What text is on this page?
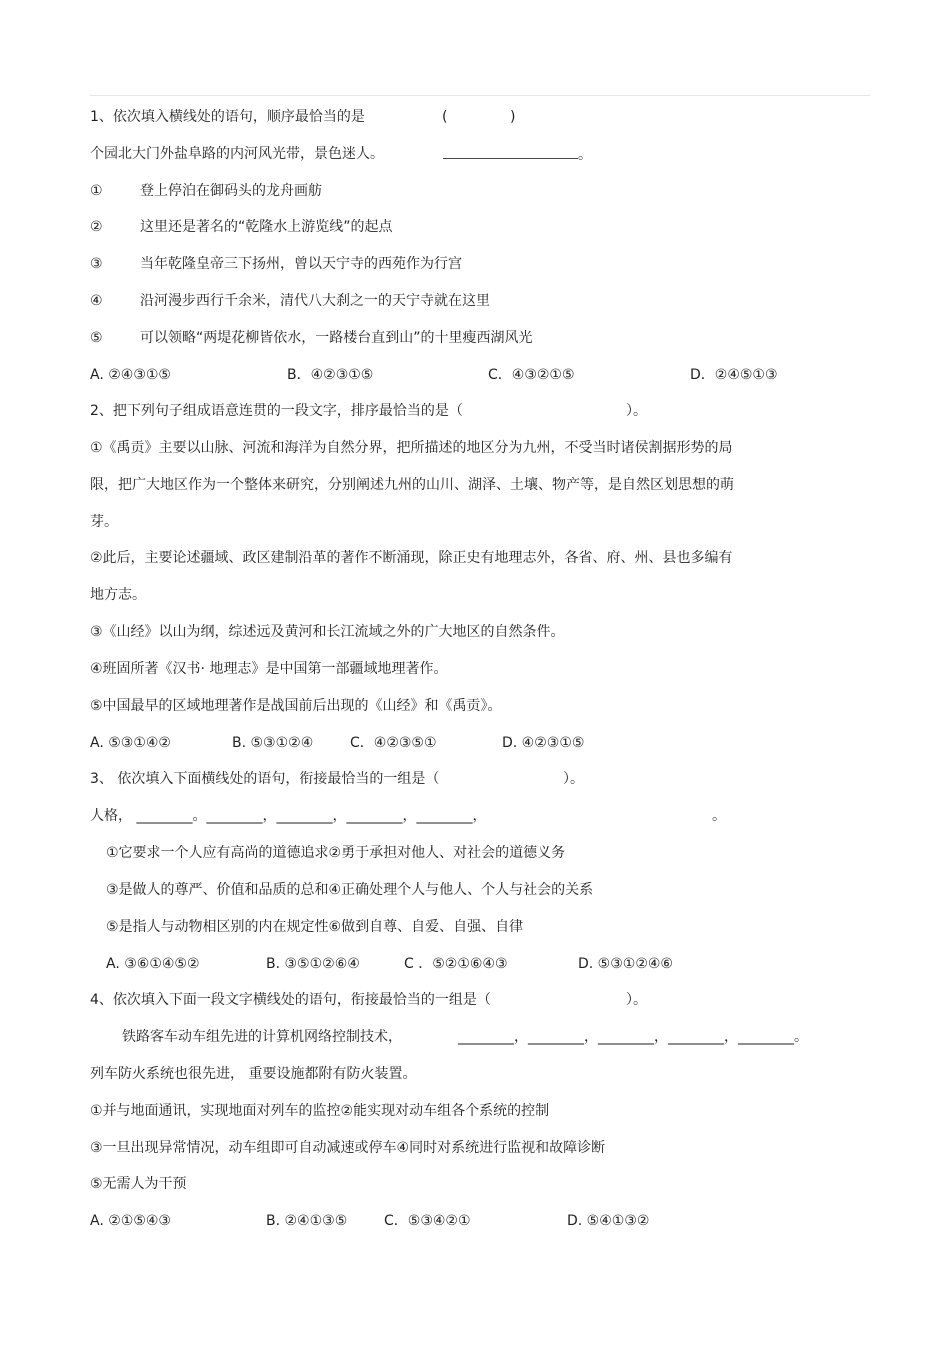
1、依次填入横线处的语句，顺序最恰当的是	(	)
个园北大门外盐阜路的内河风光带，景色迷人。	。
①	登上停泊在御码头的龙舟画舫
②	这里还是著名的“乾隆水上游览线”的起点
③	当年乾隆皇帝三下扬州，曾以天宁寺的西苑作为行宫
④	沿河漫步西行千余米，清代八大刹之一的天宁寺就在这里
⑤	可以领略“两堤花柳皆依水，一路楼台直到山”的十里瘦西湖风光
A. ②④③①⑤	B．④②③①⑤	C．④③②①⑤	D．②④⑤①③
2、把下列句子组成语意连贯的一段文字，排序最恰当的是（	）。
①《禹贡》主要以山脉、河流和海洋为自然分界，把所描述的地区分为九州，不受当时诸侯割据形势的局
限，把广大地区作为一个整体来研究，分别阐述九州的山川、湖泽、土壤、物产等，是自然区划思想的萌
芽。
②此后，主要论述疆域、政区建制沿革的著作不断涌现，除正史有地理志外，各省、府、州、县也多编有
地方志。
③《山经》以山为纲，综述远及黄河和长江流域之外的广大地区的自然条件。
④班固所著《汉书· 地理志》是中国第一部疆域地理著作。
⑤中国最早的区域地理著作是战国前后出现的《山经》和《禹贡》。
A. ⑤③①④②	B. ⑤③①②④	C．④②③⑤①	D. ④②③①⑤
3、 依次填入下面横线处的语句，衔接最恰当的一组是（	）。
人格， ________。________，________，________，________，	。
①它要求一个人应有高尚的道德追求②勇于承担对他人、对社会的道德义务
③是做人的尊严、价值和品质的总和④正确处理个人与他人、个人与社会的关系
⑤是指人与动物相区别的内在规定性⑥做到自尊、自爱、自强、自律
A. ③⑥①④⑤②	B. ③⑤①②⑥④	C ．⑤②①⑥④③	D. ⑤③①②④⑥
4、依次填入下面一段文字横线处的语句，衔接最恰当的一组是（	）。
铁路客车动车组先进的计算机网络控制技术，	________，________，________，________，________。
列车防火系统也很先进， 重要设施都附有防火装置。
①并与地面通讯，实现地面对列车的监控②能实现对动车组各个系统的控制
③一旦出现异常情况，动车组即可自动减速或停车④同时对系统进行监视和故障诊断
⑤无需人为干预
A. ②①⑤④③	B. ②④①③⑤	C．⑤③④②①	D. ⑤④①③②
